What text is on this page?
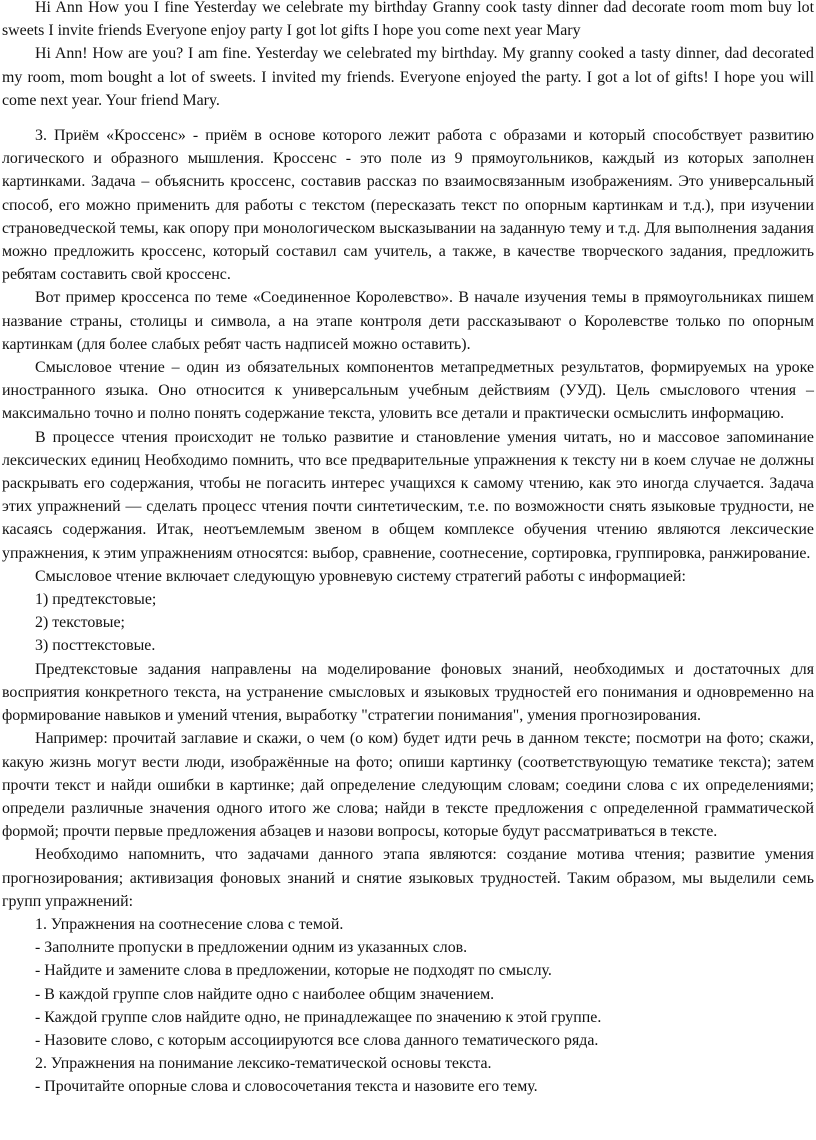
Hi Ann How you I fine Yesterday we celebrate my birthday Granny cook tasty dinner dad decorate room mom buy lot sweets I invite friends Everyone enjoy party I got lot gifts I hope you come next year Mary

Hi Ann! How are you? I am fine. Yesterday we celebrated my birthday. My granny cooked a tasty dinner, dad decorated my room, mom bought a lot of sweets. I invited my friends. Everyone enjoyed the party. I got a lot of gifts! I hope you will come next year. Your friend Mary.

3. Приём «Кроссенс» - приём в основе которого лежит работа с образами и который способствует развитию логического и образного мышления. Кроссенс - это поле из 9 прямоугольников, каждый из которых заполнен картинками. Задача – объяснить кроссенс, составив рассказ по взаимосвязанным изображениям. Это универсальный способ, его можно применить для работы с текстом (пересказать текст по опорным картинкам и т.д.), при изучении страноведческой темы, как опору при монологическом высказывании на заданную тему и т.д. Для выполнения задания можно предложить кроссенс, который составил сам учитель, а также, в качестве творческого задания, предложить ребятам составить свой кроссенс.

Вот пример кроссенса по теме «Соединенное Королевство». В начале изучения темы в прямоугольниках пишем название страны, столицы и символа, а на этапе контроля дети рассказывают о Королевстве только по опорным картинкам (для более слабых ребят часть надписей можно оставить).

Смысловое чтение – один из обязательных компонентов метапредметных результатов, формируемых на уроке иностранного языка. Оно относится к универсальным учебным действиям (УУД). Цель смыслового чтения – максимально точно и полно понять содержание текста, уловить все детали и практически осмыслить информацию.

В процессе чтения происходит не только развитие и становление умения читать, но и массовое запоминание лексических единиц Необходимо помнить, что все предварительные упражнения к тексту ни в коем случае не должны раскрывать его содержания, чтобы не погасить интерес учащихся к самому чтению, как это иногда случается. Задача этих упражнений — сделать процесс чтения почти синтетическим, т.е. по возможности снять языковые трудности, не касаясь содержания. Итак, неотъемлемым звеном в общем комплексе обучения чтению являются лексические упражнения, к этим упражнениям относятся: выбор, сравнение, соотнесение, сортировка, группировка, ранжирование.

Смысловое чтение включает следующую уровневую систему стратегий работы с информацией:

1) предтекстовые;

2) текстовые;

3) посттекстовые.

Предтекстовые задания направлены на моделирование фоновых знаний, необходимых и достаточных для восприятия конкретного текста, на устранение смысловых и языковых трудностей его понимания и одновременно на формирование навыков и умений чтения, выработку "стратегии понимания", умения прогнозирования.

Например: прочитай заглавие и скажи, о чем (о ком) будет идти речь в данном тексте; посмотри на фото; скажи, какую жизнь могут вести люди, изображённые на фото; опиши картинку (соответствующую тематике текста); затем прочти текст и найди ошибки в картинке; дай определение следующим словам; соедини слова с их определениями; определи различные значения одного итого же слова; найди в тексте предложения с определенной грамматической формой; прочти первые предложения абзацев и назови вопросы, которые будут рассматриваться в тексте.

Необходимо напомнить, что задачами данного этапа являются: создание мотива чтения; развитие умения прогнозирования; активизация фоновых знаний и снятие языковых трудностей. Таким образом, мы выделили семь групп упражнений:

1. Упражнения на соотнесение слова с темой.

- Заполните пропуски в предложении одним из указанных слов.

- Найдите и замените слова в предложении, которые не подходят по смыслу.

- В каждой группе слов найдите одно с наиболее общим значением.

- Каждой группе слов найдите одно, не принадлежащее по значению к этой группе.

- Назовите слово, с которым ассоциируются все слова данного тематического ряда.

2. Упражнения на понимание лексико-тематической основы текста.

- Прочитайте опорные слова и словосочетания текста и назовите его тему.
